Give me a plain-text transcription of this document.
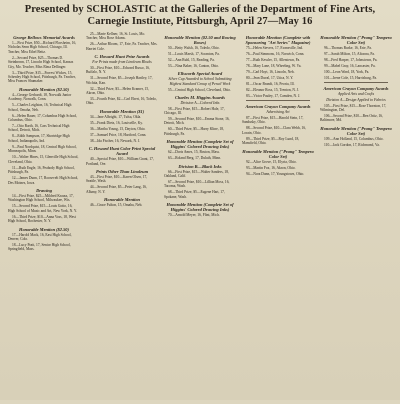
Presented by SCHOLASTIC at the Galleries of the Department of Fine Arts,
Carnegie Institute, Pittsburgh, April 27—May 16
George Bellows Memorial Awards
1—First Prize, $50—Richard Florsheim, 16, Nicholas Senn High School, Chicago, Ill. Teacher, Miss Ethel Beitz.
2—Second Prize, $25—Thomas D. Steinbronn, 17, Lincoln High School, Kansas City, Mo. Teacher, Miss Elma Dellinger.
3—Third Prize, $15—Forrest Wickes, 15, Schenley High School, Pittsburgh, Pa. Teacher, Miss Frances Shumaker.
Honorable Mention ($2.50)
4—George Gerhardt, 18, Norwalk Junior Academy, Norwalk, Conn.
5—Charles Leighton, 16, Technical High School, Omaha, Neb.
6—Helen Bauer, 17, Columbus High School, Columbus, Ohio.
7—Otto Barth, 16, Cass Technical High School, Detroit, Mich.
8—Edith Sampson, 17, Shortridge High School, Indianapolis, Ind.
9—Paul Nordquist, 18, Central High School, Minneapolis, Minn.
10—Walter Hines, 15, Glenville High School, Cleveland, Ohio.
11—Ruth Engle, 16, Peabody High School, Pittsburgh, Pa.
12—James Dunn, 17, Roosevelt High School, Des Moines, Iowa.
Drawing
14—First Prize, $25—Mildred Krauss, 17, Washington High School, Milwaukee, Wis.
15—Second Prize, $15—Louis Gotto, 16, High School of Music and Art, New York, N. Y.
16—Third Prize, $10—Anna Voss, 18, West High School, Rochester, N. Y.
Honorable Mention ($2.50)
17—Harold Mack, 16, East High School, Denver, Colo.
18—Lucy Pratt, 17, Senior High School, Springfield, Mass.
25—Marie Kellner, 16, St. Louis, Mo. Teacher, Miss Rose Adams.
26—Arthur Bloom, 17, Erie, Pa. Teacher, Mrs. Harriet Cole.
C. Howard Hunt Prize Awards
For Prints made from Linoleum Blocks
30—First Prize, $10—Edward Russo, 16, Buffalo, N. Y.
31—Second Prize, $5—Joseph Hartley, 17, Wichita, Kan.
32—Third Prize, $3—Helen Kramer, 15, Akron, Ohio.
33—Fourth Prize, $2—Carl Ebert, 16, Toledo, Ohio.
Honorable Mention ($1)
34—Jane Albright, 17, Tulsa, Okla.
35—Frank Dietz, 16, Louisville, Ky.
36—Martha Young, 15, Dayton, Ohio.
37—Samuel Price, 18, Hartford, Conn.
38—Ida Fischer, 16, Newark, N. J.
C. Howard Hunt Color Print Special Award
40—Special Prize, $10—William Grant, 17, Portland, Ore.
Prints Other Than Linoleum
43—First Prize, $10—Karen Olsen, 17, Seattle, Wash.
44—Second Prize, $5—Peter Lang, 16, Albany, N. Y.
Honorable Mention
46—Grace Fulton, 15, Omaha, Neb.
Honorable Mention ($2.50 and Rowing Boxes)
50—Betty Walsh, 16, Toledo, Ohio.
51—Louis Marsh, 17, Scranton, Pa.
52—Ann Ruhl, 15, Reading, Pa.
53—Nina Baker, 16, Canton, Ohio.
Ellsworth Special Award
Silver Cup Awarded to School Submitting Highest Standard Group of Pencil Work
55—Central High School, Cleveland, Ohio.
Charles M. Higgins Awards
Division A—Colored Inks
58—First Prize, $15—Robert Hale, 17, Chicago, Ill.
59—Second Prize, $10—Emma Stone, 16, Detroit, Mich.
60—Third Prize, $5—Harry Kline, 18, Pittsburgh, Pa.
Honorable Mention (Complete Set of Higgins' Colored Drawing Inks)
62—Doris Ames, 15, Boston, Mass.
63—Roland Berg, 17, Duluth, Minn.
Division B—Black Inks
66—First Prize, $15—Walter Sanders, 18, Oakland, Calif.
67—Second Prize, $10—Lillian Moss, 16, Tacoma, Wash.
68—Third Prize, $5—Eugene Hart, 17, Spokane, Wash.
Honorable Mention (Complete Set of Higgins' Colored Drawing Inks)
70—Arnold Meyer, 16, Flint, Mich.
Honorable Mention (Complete with Sponsoring "Art Series" Magazine)
75—Helen Sievers, 17, Evansville, Ind.
76—Paul Simmons, 16, Norwich, Conn.
77—Ruth Kessler, 15, Allentown, Pa.
78—Mary Lane, 18, Wheeling, W. Va.
79—Carl Hoyt, 16, Lincoln, Neb.
80—Jean Duval, 17, Utica, N. Y.
81—Oscar Brandt, 16, Peoria, Ill.
82—Eleanor Ross, 15, Trenton, N. J.
83—Victor Pauley, 17, Camden, N. J.
American Crayon Company Awards
Advertising Art
87—First Prize, $15—Harold Stein, 17, Sandusky, Ohio.
88—Second Prize, $10—Clara Webb, 16, Lorain, Ohio.
89—Third Prize, $5—Roy Lund, 18, Mansfield, Ohio.
Honorable Mention ("Prang" Tempera Color Set)
92—Alice Grove, 15, Elyria, Ohio.
93—Martin Fox, 16, Akron, Ohio.
94—Nora Dunn, 17, Youngstown, Ohio.
Honorable Mention ("Prang" Tempera Color Set)
96—Thomas Burke, 16, Erie, Pa.
97—Sarah Milton, 15, Altoona, Pa.
98—Fred Harper, 17, Johnstown, Pa.
99—Mabel Gray, 16, Lancaster, Pa.
100—Leon Ward, 18, York, Pa.
101—Irene Cole, 15, Harrisburg, Pa.
American Crayon Company Awards
Applied Arts and Crafts
Division A—Design Applied to Fabrics
105—First Prize, $15—Rose Thornton, 17, Wilmington, Del.
106—Second Prize, $10—Ben Ortiz, 16, Baltimore, Md.
Honorable Mention ("Prang" Tempera Color Set)
109—Ann Holland, 15, Columbus, Ohio.
110—Jack Gordon, 17, Richmond, Va.
